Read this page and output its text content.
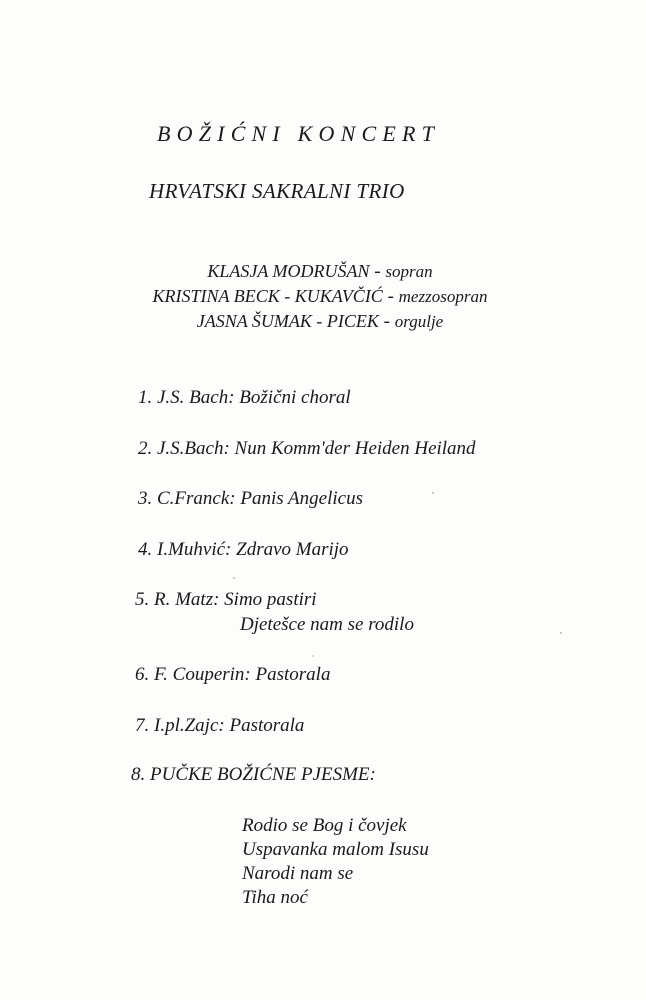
BOŽIĆNI KONCERT
HRVATSKI SAKRALNI TRIO
KLASJA MODRUŠAN - sopran
KRISTINA BECK - KUKAVČIĆ - mezzosopran
JASNA ŠUMAK - PICEK - orgulje
1. J.S. Bach: Božični choral
2. J.S.Bach: Nun Komm'der Heiden Heiland
3. C.Franck: Panis Angelicus
4. I.Muhvić: Zdravo Marijo
5. R. Matz: Simo pastiri
Djetešce nam se rodilo
6. F. Couperin: Pastorala
7. I.pl.Zajc: Pastorala
8. PUČKE BOŽIĆNE PJESME:
Rodio se Bog i čovjek
Uspavanka malom Isusu
Narodi nam se
Tiha noć
